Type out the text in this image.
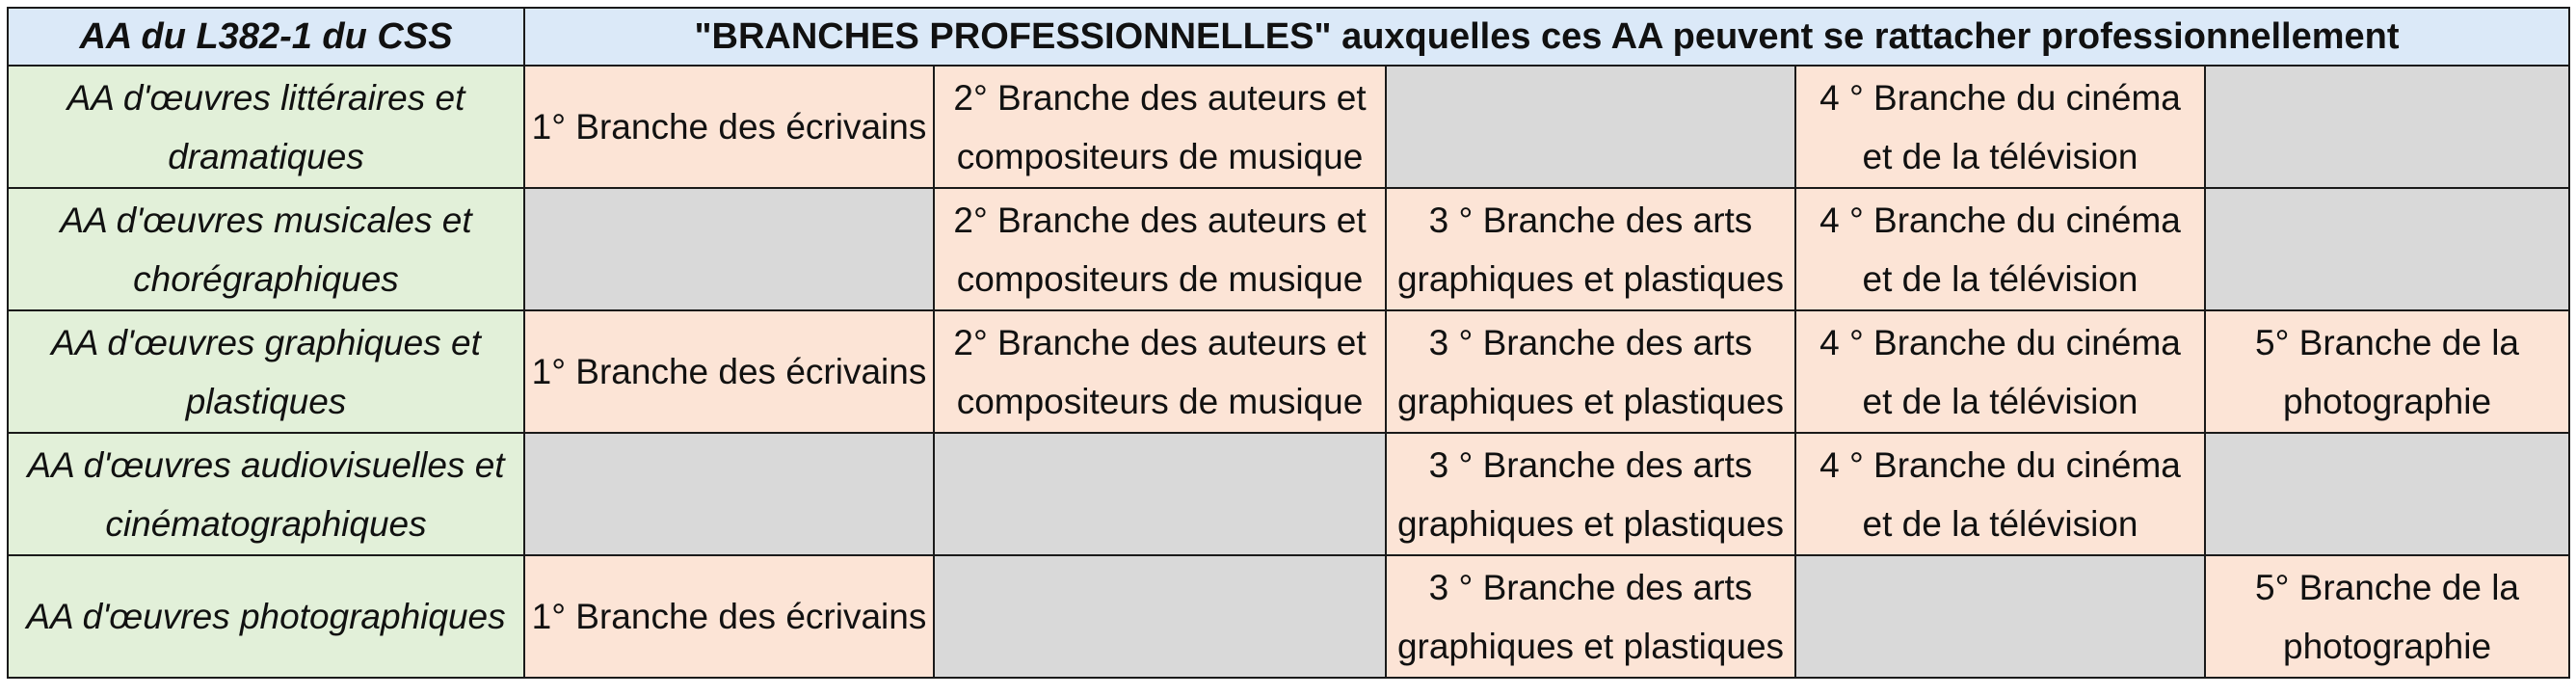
AA du L382-1 du CSS	"BRANCHES PROFESSIONNELLES" auxquelles ces AA peuvent se rattacher professionnellement				
AA d'œuvres littéraires et dramatiques	1° Branche des écrivains	2° Branche des auteurs et compositeurs de musique		4 ° Branche du cinéma et de la télévision	
AA d'œuvres musicales et chorégraphiques		2° Branche des auteurs et compositeurs de musique	3 ° Branche des arts graphiques et plastiques	4 ° Branche du cinéma et de la télévision	
AA d'œuvres graphiques et plastiques	1° Branche des écrivains	2° Branche des auteurs et compositeurs de musique	3 ° Branche des arts graphiques et plastiques	4 ° Branche du cinéma et de la télévision	5° Branche de la photographie
AA d'œuvres audiovisuelles et cinématographiques			3 ° Branche des arts graphiques et plastiques	4 ° Branche du cinéma et de la télévision	
AA d'œuvres photographiques	1° Branche des écrivains		3 ° Branche des arts graphiques et plastiques		5° Branche de la photographie
